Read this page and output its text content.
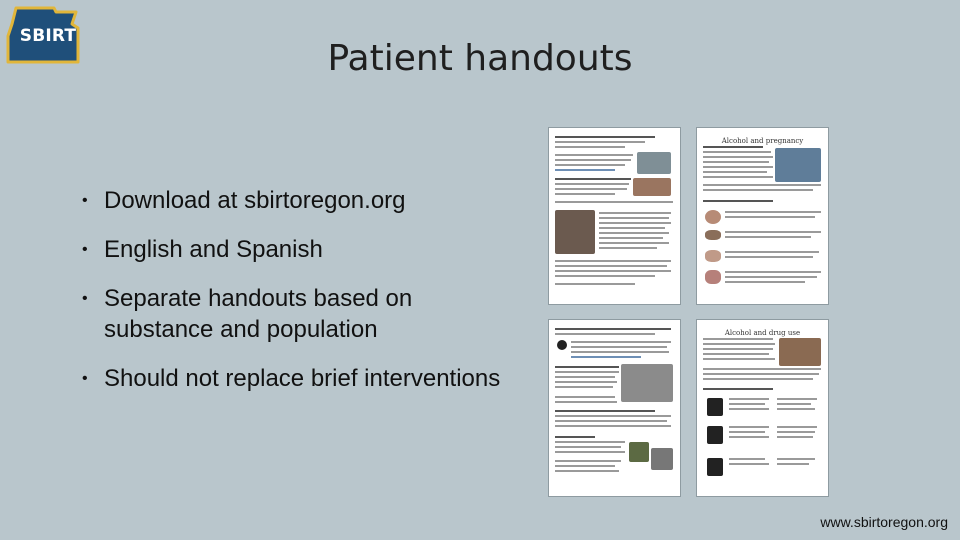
SBIRT
Patient handouts
• Download at sbirtoregon.org
• English and Spanish
• Separate handouts based on substance and population
• Should not replace brief interventions
Alcohol and pregnancy
Alcohol and drug use
www.sbirtoregon.org
